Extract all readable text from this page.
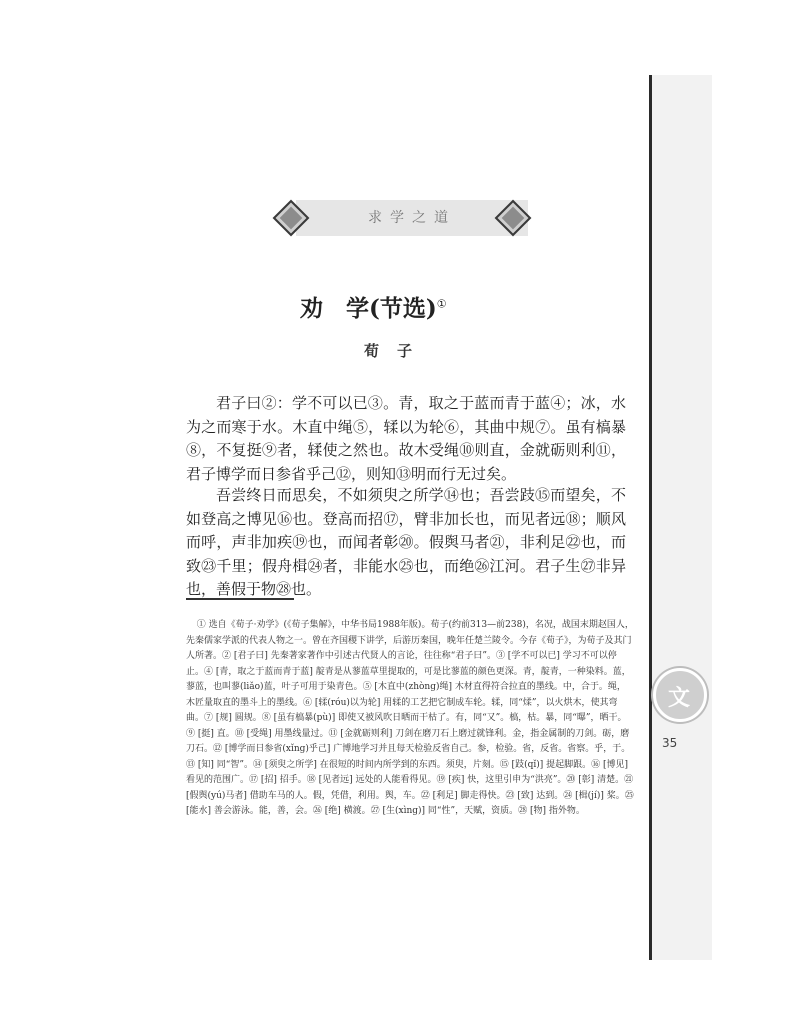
求学之道
劝　学(节选)①
荀子
君子曰②：学不可以已③。青，取之于蓝而青于蓝④；冰，水为之而寒于水。木直中绳⑤，𫐓以为轮⑥，其曲中规⑦。虽有槁暴⑧，不复挺⑨者，𫐓使之然也。故木受绳⑩则直，金就砺则利⑪，君子博学而日参省乎己⑫，则知⑬明而行无过矣。
吾尝终日而思矣，不如须臾之所学⑭也；吾尝跂⑮而望矣，不如登高之博见⑯也。登高而招⑰，臂非加长也，而见者远⑱；顺风而呼，声非加疾⑲也，而闻者彰⑳。假舆马者㉑，非利足㉒也，而致㉓千里；假舟楫㉔者，非能水㉕也，而绝㉖江河。君子生㉗非异也，善假于物㉘也。
① 选自《荀子·劝学》(《荀子集解》，中华书局1988年版)。荀子(约前313—前238)，名况，战国末期赵国人，先秦儒家学派的代表人物之一。曾在齐国稷下讲学，后游历秦国，晚年任楚兰陵令。今存《荀子》，为荀子及其门人所著。② [君子曰] 先秦著家著作中引述古代贤人的言论，往往称“君子曰”。③ [学不可以已] 学习不可以停止。④ [青，取之于蓝而青于蓝] 靛青是从蓼蓝草里提取的，可是比蓼蓝的颜色更深。青，靛青，一种染料。蓝，蓼蓝，也叫蓼(liǎo)蓝，叶子可用于染青色。⑤ [木直中(zhòng)绳] 木材直得符合拉直的墨线。中，合于。绳，木匠量取直的墨斗上的墨线。⑥ [𫐓(róu)以为轮] 用𫐓的工艺把它制成车轮。𫐓，同“煣”，以火烘木，使其弯曲。⑦ [规] 圆规。⑧ [虽有槁暴(pù)] 即使又被风吹日晒而干枯了。有，同“又”。槁，枯。暴，同“曝”，晒干。⑨ [挺] 直。⑩ [受绳] 用墨线量过。⑪ [金就砺则利] 刀剑在磨刀石上磨过就锋利。金，指金属制的刀剑。砺，磨刀石。⑫ [博学而日参省(xǐng)乎己] 广博地学习并且每天检验反省自己。参，检验。省，反省。省察。乎，于。⑬ [知] 同“智”。⑭ [须臾之所学] 在很短的时间内所学到的东西。须臾，片刻。⑮ [跂(qǐ)] 提起脚跟。⑯ [博见] 看见的范围广。⑰ [招] 招手。⑱ [见者远] 远处的人能看得见。⑲ [疾] 快，这里引申为“洪亮”。⑳ [彰] 清楚。㉑ [假舆(yú)马者] 借助车马的人。假，凭借，利用。舆，车。㉒ [利足] 脚走得快。㉓ [致] 达到。㉔ [楫(jí)] 桨。㉕ [能水] 善会游泳。能，善，会。㉖ [绝] 横渡。㉗ [生(xìng)] 同“性”，天赋，资质。㉘ [物] 指外物。
文
35
